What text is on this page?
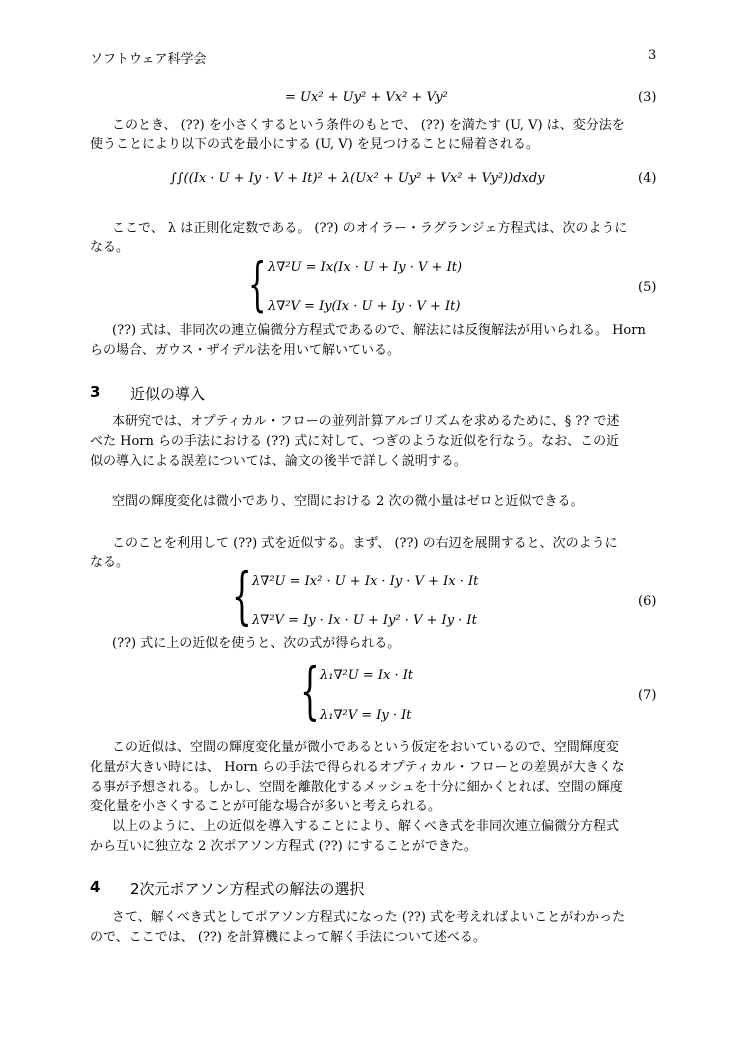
ソフトウェア科学会	3
= Ux² + Uy² + Vx² + Vy²	(3)
このとき、 (??) を小さくするという条件のもとで、 (??) を満たす (U, V) は、変分法を
使うことにより以下の式を最小にする (U, V) を見つけることに帰着される。
∫∫((Ix · U + Iy · V + It)² + λ(Ux² + Uy² + Vx² + Vy²))dxdy	(4)
ここで、 λ は正則化定数である。 (??) のオイラー・ラグランジェ方程式は、次のように
なる。
{ λ∇²U = Ix(Ix · U + Iy · V + It)
λ∇²V = Iy(Ix · U + Iy · V + It)
(5)
(??) 式は、非同次の連立偏微分方程式であるので、解法には反復解法が用いられる。 Horn
らの場合、ガウス・ザイデル法を用いて解いている。
3 近似の導入
本研究では、オプティカル・フローの並列計算アルゴリズムを求めるために、§ ?? で述
べた Horn らの手法における (??) 式に対して、つぎのような近似を行なう。なお、この近
似の導入による誤差については、論文の後半で詳しく説明する。
空間の輝度変化は微小であり、空間における 2 次の微小量はゼロと近似できる。
このことを利用して (??) 式を近似する。まず、 (??) の右辺を展開すると、次のように
なる。	{ λ∇²U = Ix² · U + Ix · Iy · V + Ix · It
λ∇²V = Iy · Ix · U + Iy² · V + Iy · It
(6)
(??) 式に上の近似を使うと、次の式が得られる。
{ λ₁∇²U = Ix · It
λ₁∇²V = Iy · It
(7)
この近似は、空間の輝度変化量が微小であるという仮定をおいているので、空間輝度変
化量が大きい時には、 Horn らの手法で得られるオプティカル・フローとの差異が大きくな
る事が予想される。しかし、空間を離散化するメッシュを十分に細かくとれば、空間の輝度
変化量を小さくすることが可能な場合が多いと考えられる。
以上のように、上の近似を導入することにより、解くべき式を非同次連立偏微分方程式
から互いに独立な 2 次ポアソン方程式 (??) にすることができた。
4 2次元ポアソン方程式の解法の選択
さて、解くべき式としてポアソン方程式になった (??) 式を考えればよいことがわかった
ので、ここでは、 (??) を計算機によって解く手法について述べる。
